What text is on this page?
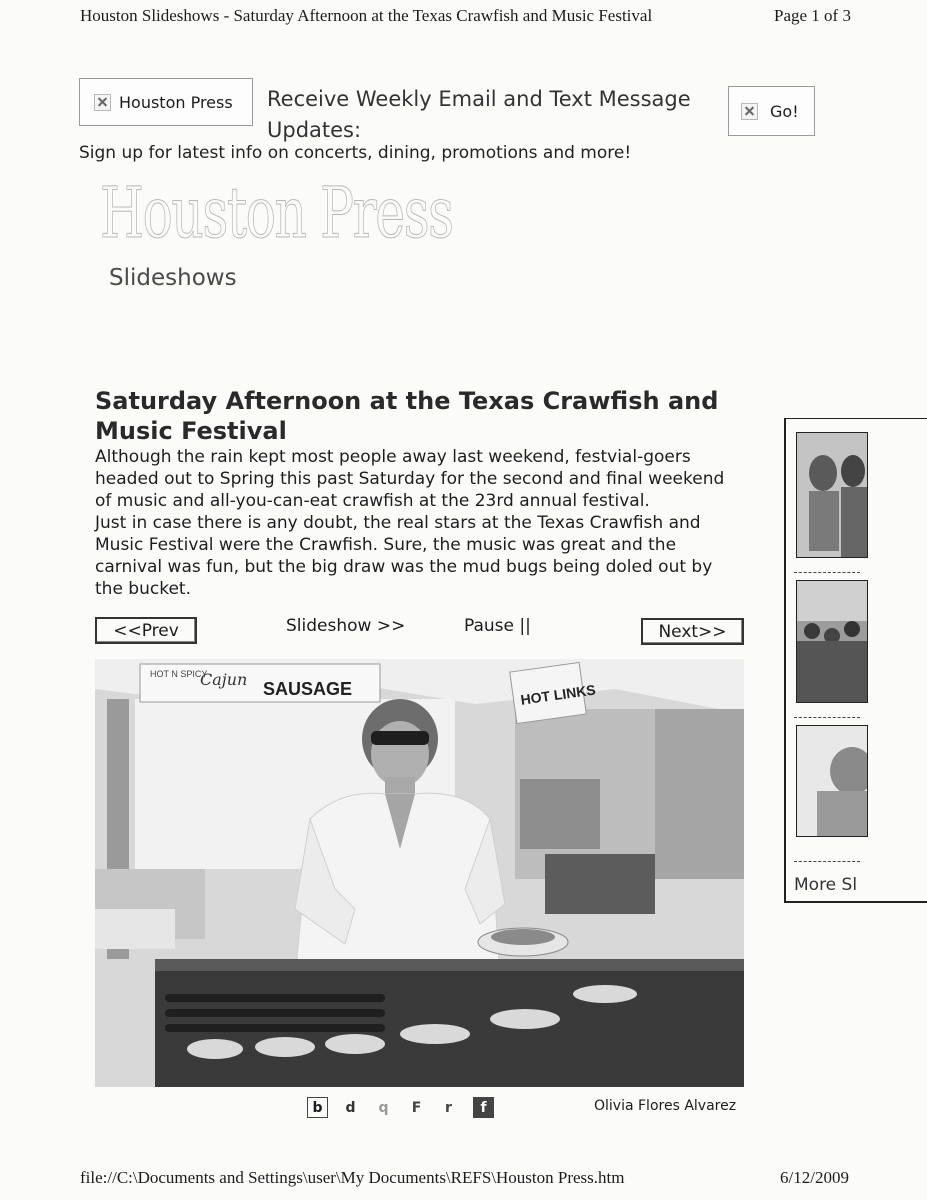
Houston Slideshows - Saturday Afternoon at the Texas Crawfish and Music Festival	Page 1 of 3
Houston Press Receive Weekly Email and Text Message Updates:
Sign up for latest info on concerts, dining, promotions and more!
Go!
Houston Press
Slideshows
Saturday Afternoon at the Texas Crawfish and Music Festival

Although the rain kept most people away last weekend, festvial-goers headed out to Spring this past Saturday for the second and final weekend of music and all-you-can-eat crawfish at the 23rd annual festival.

Just in case there is any doubt, the real stars at the Texas Crawfish and Music Festival were the Crawfish. Sure, the music was great and the carnival was fun, but the big draw was the mud bugs being doled out by the bucket.

<<Prev	Slideshow >>	Pause ||	Next>>
HOT N SPICY
Cajun SAUSAGE	HOT LINKS
b	d	q	F	r	f	Olivia Flores Alvarez
More Sl
file://C:\Documents and Settings\user\My Documents\REFS\Houston Press.htm	6/12/2009
